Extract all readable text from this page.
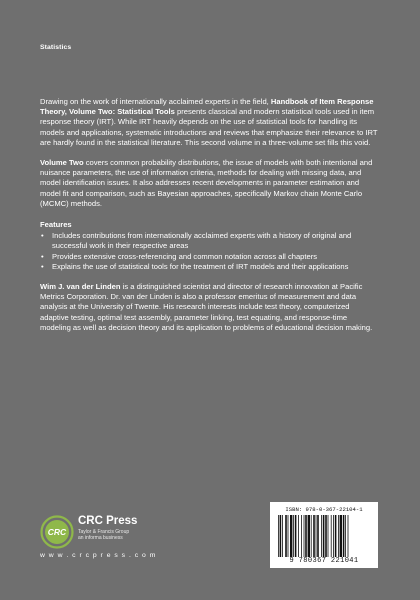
Statistics

Drawing on the work of internationally acclaimed experts in the field, Handbook of Item Response Theory, Volume Two: Statistical Tools presents classical and modern statistical tools used in item response theory (IRT). While IRT heavily depends on the use of statistical tools for handling its models and applications, systematic introductions and reviews that emphasize their relevance to IRT are hardly found in the statistical literature. This second volume in a three-volume set fills this void.

Volume Two covers common probability distributions, the issue of models with both intentional and nuisance parameters, the use of information criteria, methods for dealing with missing data, and model identification issues. It also addresses recent developments in parameter estimation and model fit and comparison, such as Bayesian approaches, specifically Markov chain Monte Carlo (MCMC) methods.

Features
• Includes contributions from internationally acclaimed experts with a history of original and successful work in their respective areas
• Provides extensive cross-referencing and common notation across all chapters
• Explains the use of statistical tools for the treatment of IRT models and their applications

Wim J. van der Linden is a distinguished scientist and director of research innovation at Pacific Metrics Corporation. Dr. van der Linden is also a professor emeritus of measurement and data analysis at the University of Twente. His research interests include test theory, computerized adaptive testing, optimal test assembly, parameter linking, test equating, and response-time modeling as well as decision theory and its application to problems of educational decision making.

CRC
CRC Press
Taylor & Francis Group
an informa business
w w w . c r c p r e s s . c o m
ISBN: 978-0-367-22104-1
9 780367 221041
